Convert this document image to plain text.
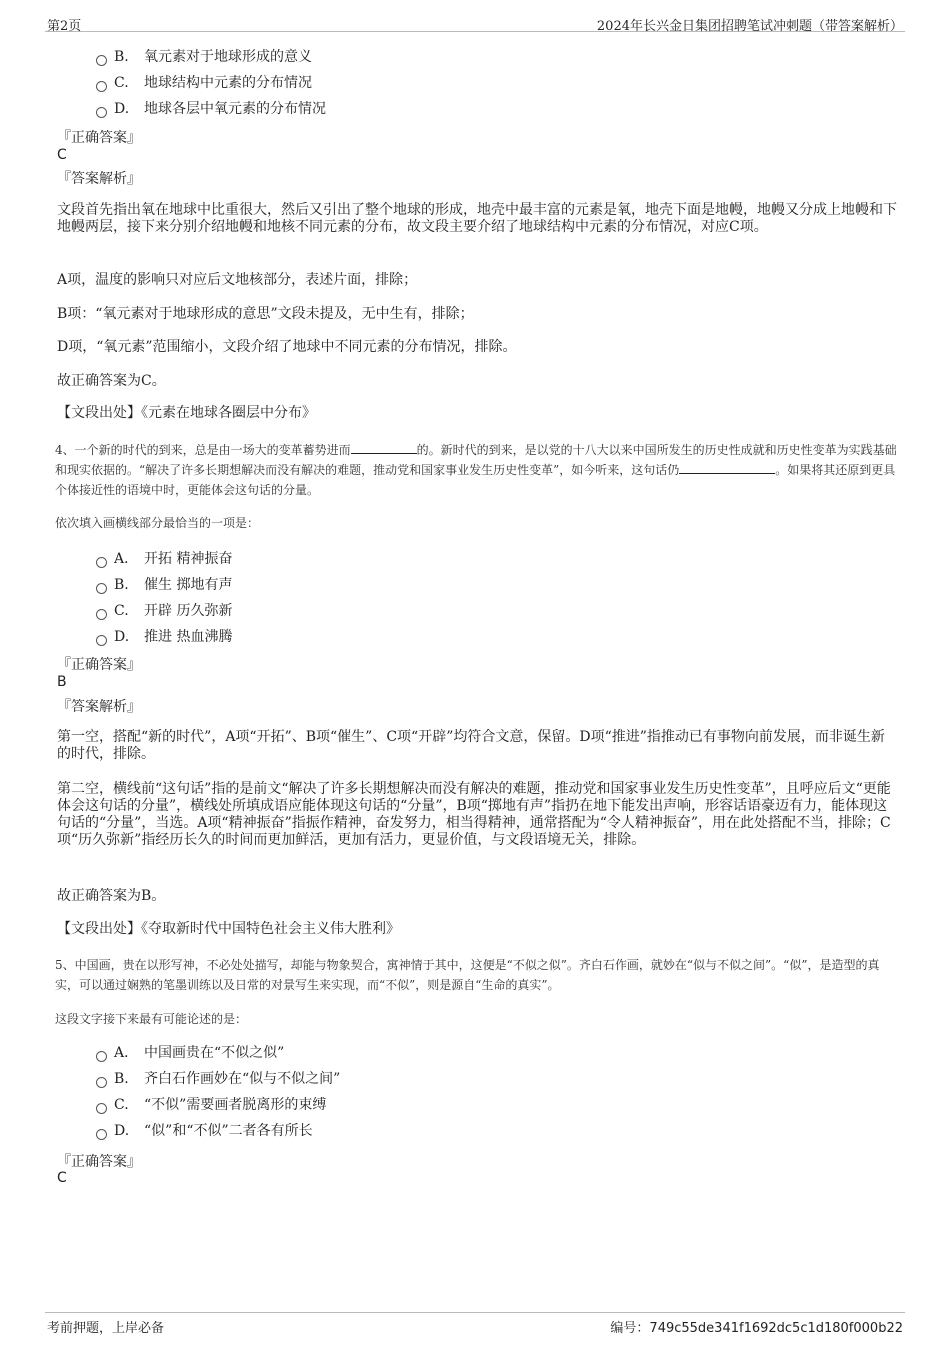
第2页	2024年长兴金日集团招聘笔试冲刺题（带答案解析）
B. 氧元素对于地球形成的意义
C. 地球结构中元素的分布情况
D. 地球各层中氧元素的分布情况
『正确答案』
C
『答案解析』
文段首先指出氧在地球中比重很大，然后又引出了整个地球的形成，地壳中最丰富的元素是氧，地壳下面是地幔，地幔又分成上地幔和下地幔两层，接下来分别介绍地幔和地核不同元素的分布，故文段主要介绍了地球结构中元素的分布情况，对应C项。
A项，温度的影响只对应后文地核部分，表述片面，排除；
B项：“氧元素对于地球形成的意思”文段未提及，无中生有，排除；
D项，“氧元素”范围缩小，文段介绍了地球中不同元素的分布情况，排除。
故正确答案为C。
【文段出处】《元素在地球各圈层中分布》
4、一个新的时代的到来，总是由一场大的变革蓄势进而	的。新时代的到来，是以党的十八大以来中国所发生的历史性成就和历史性变革为实践基础和现实依据的。“解决了许多长期想解决而没有解决的难题，推动党和国家事业发生历史性变革”，如今听来，这句话仍	。如果将其还原到更具个体接近性的语境中时，更能体会这句话的分量。
依次填入画横线部分最恰当的一项是：
A． 开拓 精神振奋
B. 催生 掷地有声
C. 开辟 历久弥新
D. 推进 热血沸腾
『正确答案』
B
『答案解析』
第一空，搭配“新的时代”，A项“开拓”、B项“催生”、C项“开辟”均符合文意，保留。D项“推进”指推动已有事物向前发展，而非诞生新的时代，排除。
第二空，横线前“这句话”指的是前文“解决了许多长期想解决而没有解决的难题，推动党和国家事业发生历史性变革”，且呼应后文“更能体会这句话的分量”，横线处所填成语应能体现这句话的“分量”，B项“掷地有声”指扔在地下能发出声响，形容话语豪迈有力，能体现这句话的“分量”，当选。A项“精神振奋”指振作精神，奋发努力，相当得精神，通常搭配为“令人精神振奋”，用在此处搭配不当，排除；C项“历久弥新”指经历长久的时间而更加鲜活，更加有活力，更显价值，与文段语境无关，排除。
故正确答案为B。
【文段出处】《夺取新时代中国特色社会主义伟大胜利》
5、中国画，贵在以形写神，不必处处描写，却能与物象契合，寓神情于其中，这便是“不似之似”。齐白石作画，就妙在“似与不似之间”。“似”，是造型的真实，可以通过娴熟的笔墨训练以及日常的对景写生来实现，而“不似”，则是源自“生命的真实”。
这段文字接下来最有可能论述的是：
A． 中国画贵在“不似之似”
B. 齐白石作画妙在“似与不似之间”
C. “不似”需要画者脱离形的束缚
D. “似”和“不似”二者各有所长
『正确答案』
C
考前押题，上岸必备	编号：749c55de341f1692dc5c1d180f000b22
